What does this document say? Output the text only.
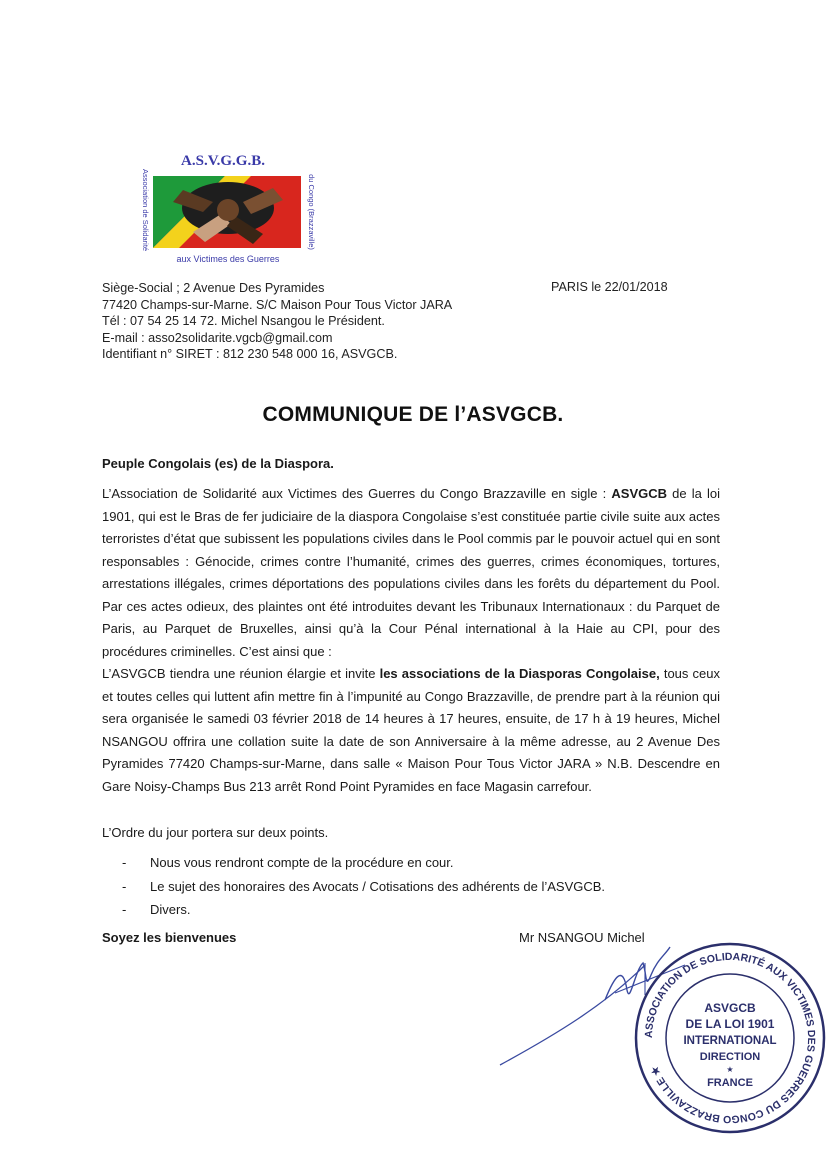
A.S.V.G.G.B.
aux Victimes des Guerres
Association de Solidarité	du Congo (Brazzaville)
Siège-Social ; 2 Avenue Des Pyramides
77420 Champs-sur-Marne. S/C Maison Pour Tous Victor JARA
Tél : 07 54 25 14 72. Michel Nsangou le Président.
E-mail : asso2solidarite.vgcb@gmail.com
Identifiant n° SIRET : 812 230 548 000 16, ASVGCB.
PARIS le 22/01/2018
COMMUNIQUE DE l’ASVGCB.
Peuple Congolais (es) de la Diaspora.
L’Association de Solidarité aux Victimes des Guerres du Congo Brazzaville en sigle : ASVGCB de la loi 1901, qui est le Bras de fer judiciaire de la diaspora Congolaise s’est constituée partie civile suite aux actes terroristes d’état que subissent les populations civiles dans le Pool commis par le pouvoir actuel qui en sont responsables : Génocide, crimes contre l’humanité, crimes des guerres, crimes économiques, tortures, arrestations illégales, crimes déportations des populations civiles dans les forêts du département du Pool. Par ces actes odieux, des plaintes ont été introduites devant les Tribunaux Internationaux : du Parquet de Paris, au Parquet de Bruxelles, ainsi qu’à la Cour Pénal international à la Haie au CPI, pour des procédures criminelles. C’est ainsi que :
L’ASVGCB tiendra une réunion élargie et invite les associations de la Diasporas Congolaise, tous ceux et toutes celles qui luttent afin mettre fin à l’impunité au Congo Brazzaville, de prendre part à la réunion qui sera organisée le samedi 03 février 2018 de 14 heures à 17 heures, ensuite, de 17 h à 19 heures, Michel NSANGOU offrira une collation suite la date de son Anniversaire à la même adresse, au 2 Avenue Des Pyramides 77420 Champs-sur-Marne, dans salle « Maison Pour Tous Victor JARA » N.B. Descendre en Gare Noisy-Champs Bus 213 arrêt Rond Point Pyramides en face Magasin carrefour.
L’Ordre du jour portera sur deux points.
- Nous vous rendront compte de la procédure en cour.
- Le sujet des honoraires des Avocats / Cotisations des adhérents de l’ASVGCB.
- Divers.
Soyez les bienvenues	Mr NSANGOU Michel
ASSOCIATION DE SOLIDARITÉ AUX VICTIMES DES GUERRES DU CONGO BRAZZAVILLE ★
ASVGCB
DE LA LOI 1901
INTERNATIONAL
DIRECTION
★
FRANCE
